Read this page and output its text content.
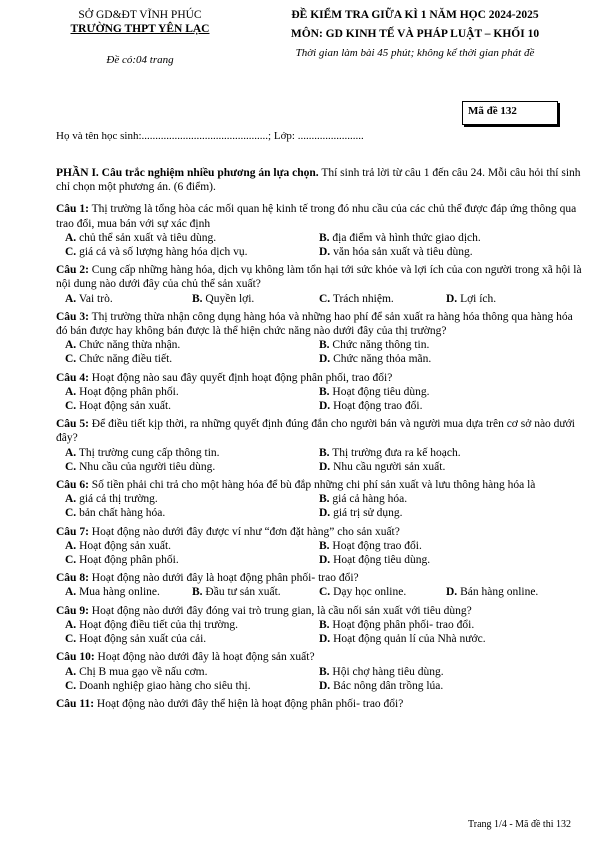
SỞ GD&ĐT VĨNH PHÚC
TRƯỜNG THPT YÊN LẠC
Đề có:04 trang
ĐỀ KIỂM TRA GIỮA KÌ 1 NĂM HỌC 2024-2025
MÔN: GD KINH TẾ VÀ PHÁP LUẬT – KHỐI 10
Thời gian làm bài 45 phút; không kể thời gian phát đề
Mã đề 132
Họ và tên học sinh:..............................................; Lớp: ........................

PHẦN I. Câu trắc nghiệm nhiều phương án lựa chọn. Thí sinh trả lời từ câu 1 đến câu 24. Mỗi câu hỏi thí sinh chỉ chọn một phương án. (6 điểm).

Câu 1: Thị trường là tổng hòa các mối quan hệ kinh tế trong đó nhu cầu của các chủ thể được đáp ứng thông qua trao đổi, mua bán với sự xác định
A. chủ thể sản xuất và tiêu dùng.	B. địa điểm và hình thức giao dịch.
C. giá cả và số lượng hàng hóa dịch vụ.	D. văn hóa sản xuất và tiêu dùng.
Câu 2: Cung cấp những hàng hóa, dịch vụ không làm tổn hại tới sức khỏe và lợi ích của con người trong xã hội là nội dung nào dưới đây của chủ thể sản xuất?
A. Vai trò.	B. Quyền lợi.	C. Trách nhiệm.	D. Lợi ích.
Câu 3: Thị trường thừa nhận công dụng hàng hóa và những hao phí để sản xuất ra hàng hóa thông qua hàng hóa đó bán được hay không bán được là thể hiện chức năng nào dưới đây của thị trường?
A. Chức năng thừa nhận.	B. Chức năng thông tin.
C. Chức năng điều tiết.	D. Chức năng thỏa mãn.
Câu 4: Hoạt động nào sau đây quyết định hoạt động phân phối, trao đổi?
A. Hoạt động phân phối.	B. Hoạt động tiêu dùng.
C. Hoạt động sản xuất.	D. Hoạt động trao đổi.
Câu 5: Để điều tiết kịp thời, ra những quyết định đúng đắn cho người bán và người mua dựa trên cơ sở nào dưới đây?
A. Thị trường cung cấp thông tin.	B. Thị trường đưa ra kế hoạch.
C. Nhu cầu của người tiêu dùng.	D. Nhu cầu người sản xuất.
Câu 6: Số tiền phải chi trả cho một hàng hóa để bù đắp những chi phí sản xuất và lưu thông hàng hóa là
A. giá cả thị trường.	B. giá cả hàng hóa.
C. bản chất hàng hóa.	D. giá trị sử dụng.
Câu 7: Hoạt động nào dưới đây được ví như “đơn đặt hàng” cho sản xuất?
A. Hoạt động sản xuất.	B. Hoạt động trao đổi.
C. Hoạt động phân phối.	D. Hoạt động tiêu dùng.
Câu 8: Hoạt động nào dưới đây là hoạt động phân phối- trao đổi?
A. Mua hàng online.	B. Đầu tư sản xuất.	C. Dạy học online.	D. Bán hàng online.
Câu 9: Hoạt động nào dưới đây đóng vai trò trung gian, là cầu nối sản xuất với tiêu dùng?
A. Hoạt động điều tiết của thị trường.	B. Hoạt động phân phối- trao đổi.
C. Hoạt động sản xuất của cải.	D. Hoạt động quản lí của Nhà nước.
Câu 10: Hoạt động nào dưới đây là hoạt động sản xuất?
A. Chị B mua gạo về nấu cơm.	B. Hội chợ hàng tiêu dùng.
C. Doanh nghiệp giao hàng cho siêu thị.	D. Bác nông dân trồng lúa.
Câu 11: Hoạt động nào dưới đây thể hiện là hoạt động phân phối- trao đổi?
Trang 1/4 - Mã đề thi 132
